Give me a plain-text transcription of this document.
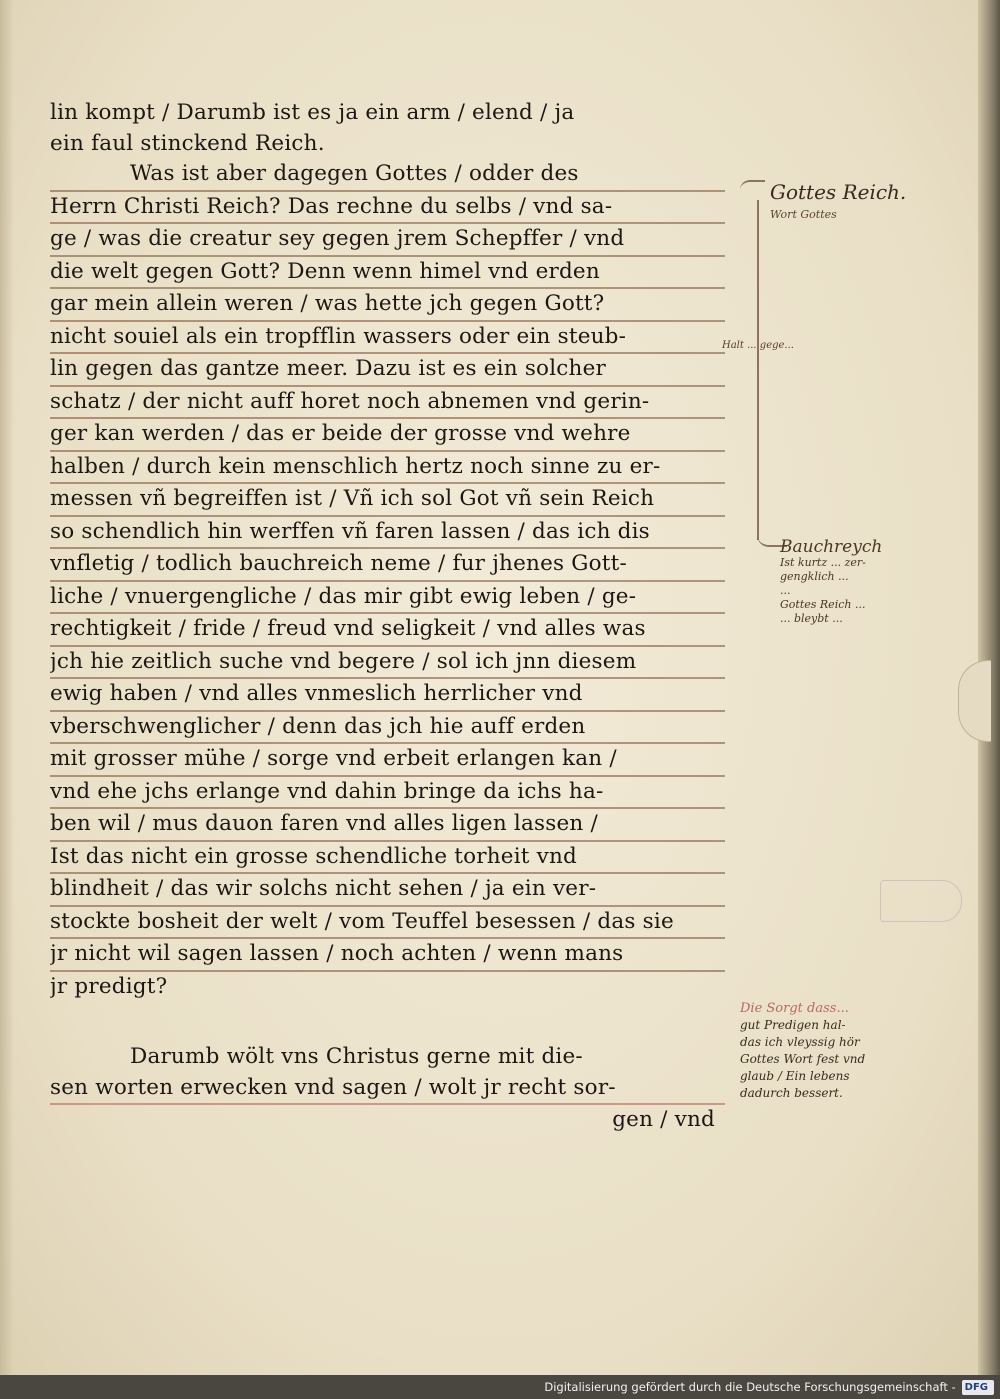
lin kompt / Darumb ist es ja ein arm / elend / ja
ein faul stinckend Reich.
Was ist aber dagegen Gottes / odder des
Herrn Christi Reich? Das rechne du selbs / vnd sa-
ge / was die creatur sey gegen jrem Schepffer / vnd
die welt gegen Gott? Denn wenn himel vnd erden
gar mein allein weren / was hette jch gegen Gott?
nicht souiel als ein tropfflin wassers oder ein steub-
lin gegen das gantze meer. Dazu ist es ein solcher
schatz / der nicht auff horet noch abnemen vnd gerin-
ger kan werden / das er beide der grosse vnd wehre
halben / durch kein menschlich hertz noch sinne zu er-
messen vñ begreiffen ist / Vñ ich sol Got vñ sein Reich
so schendlich hin werffen vñ faren lassen / das ich dis
vnfletig / todlich bauchreich neme / fur jhenes Gott-
liche / vnuergengliche / das mir gibt ewig leben / ge-
rechtigkeit / fride / freud vnd seligkeit / vnd alles was
jch hie zeitlich suche vnd begere / sol ich jnn diesem
ewig haben / vnd alles vnmeslich herrlicher vnd
vberschwenglicher / denn das jch hie auff erden
mit grosser mühe / sorge vnd erbeit erlangen kan /
vnd ehe jchs erlange vnd dahin bringe da ichs ha-
ben wil / mus dauon faren vnd alles ligen lassen /
Ist das nicht ein grosse schendliche torheit vnd
blindheit / das wir solchs nicht sehen / ja ein ver-
stockte bosheit der welt / vom Teuffel besessen / das sie
jr nicht wil sagen lassen / noch achten / wenn mans
jr predigt?
Darumb wölt vns Christus gerne mit die-
sen worten erwecken vnd sagen / wolt jr recht sor-
gen / vnd
Gottes Reich.
Wort Gottes
Halt ... gege...
Bauchreych
Ist kurtz ... zer-
gengklich ...
...
Gottes Reich ...
... bleybt ...
Die Sorgt dass...
gut Predigen hal-
das ich vleyssig hör
Gottes Wort fest vnd
glaub / Ein lebens
dadurch bessert.
Digitalisierung gefördert durch die Deutsche Forschungsgemeinschaft - DFG
